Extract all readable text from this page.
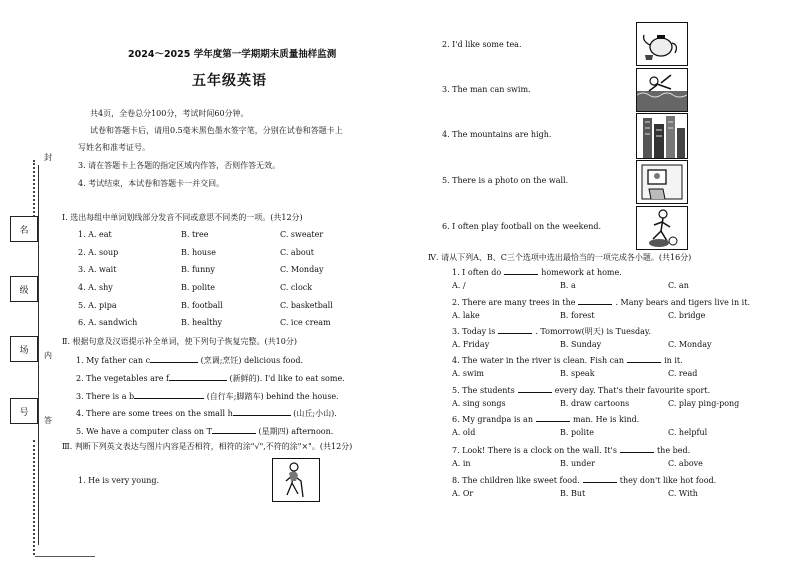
封
内
答
名
级
场
号
2024～2025 学年度第一学期期末质量抽样监测
五年级英语
共4页，全卷总分100分，考试时间60分钟。
试卷和答题卡后，请用0.5毫米黑色墨水签字笔，分别在试卷和答题卡上
写姓名和准考证号。
3. 请在答题卡上各题的指定区域内作答，否则作答无效。
4. 考试结束，本试卷和答题卡一并交回。
Ⅰ. 选出每组中单词划线部分发音不同或意思不同类的一项。(共12分)
1. A. eat	B. tree	C. sweater
2. A. soup	B. house	C. about
3. A. wait	B. funny	C. Monday
4. A. shy	B. polite	C. clock
5. A. pipa	B. football	C. basketball
6. A. sandwich	B. healthy	C. ice cream
Ⅱ. 根据句意及汉语提示补全单词，使下列句子恢复完整。(共10分)
1. My father can c	(烹调;烹饪) delicious food.
2. The vegetables are f	(新鲜的). I'd like to eat some.
3. There is a b	(自行车;脚踏车) behind the house.
4. There are some trees on the small h	(山丘;小山).
5. We have a computer class on T	(星期四) afternoon.
Ⅲ. 判断下列英文表达与图片内容是否相符，相符的涂"√",不符的涂"×"。(共12分)
1. He is very young.
2. I'd like some tea.
3. The man can swim.
4. The mountains are high.
5. There is a photo on the wall.
6. I often play football on the weekend.
Ⅳ. 请从下列A、B、C三个选项中选出最恰当的一项完成各小题。(共16分)
1. I often do	homework at home.
A. /	B. a	C. an
2. There are many trees in the	. Many bears and tigers live in it.
A. lake	B. forest	C. bridge
3. Today is	. Tomorrow(明天) is Tuesday.
A. Friday	B. Sunday	C. Monday
4. The water in the river is clean. Fish can	in it.
A. swim	B. speak	C. read
5. The students	every day. That's their favourite sport.
A. sing songs	B. draw cartoons	C. play ping-pong
6. My grandpa is an	man. He is kind.
A. old	B. polite	C. helpful
7. Look! There is a clock on the wall. It's	the bed.
A. in	B. under	C. above
8. The children like sweet food.	they don't like hot food.
A. Or	B. But	C. With
